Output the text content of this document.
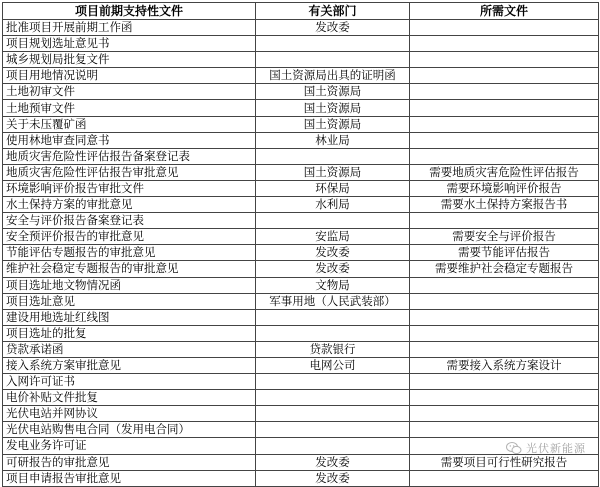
项目前期支持性文件	有关部门	所需文件
批准项目开展前期工作函	发改委	
项目规划选址意见书		
城乡规划局批复文件		
项目用地情况说明	国土资源局出具的证明函	
土地初审文件	国土资源局	
土地预审文件	国土资源局	
关于未压覆矿函	国土资源局	
使用林地审查同意书	林业局	
地质灾害危险性评估报告备案登记表		
地质灾害危险性评估报告审批意见	国土资源局	需要地质灾害危险性评估报告
环境影响评价报告审批文件	环保局	需要环境影响评价报告
水土保持方案的审批意见	水利局	需要水土保持方案报告书
安全与评价报告备案登记表		
安全预评价报告的审批意见	安监局	需要安全与评价报告
节能评估专题报告的审批意见	发改委	需要节能评估报告
维护社会稳定专题报告的审批意见	发改委	需要维护社会稳定专题报告
项目选址地文物情况函	文物局	
项目选址意见	军事用地（人民武装部）	
建设用地选址红线图		
项目选址的批复		
贷款承诺函	贷款银行	
接入系统方案审批意见	电网公司	需要接入系统方案设计
入网许可证书		
电价补贴文件批复		
光伏电站并网协议		
光伏电站购售电合同（发用电合同）		
发电业务许可证		
可研报告的审批意见	发改委	需要项目可行性研究报告
项目申请报告审批意见	发改委	
光伏新能源
